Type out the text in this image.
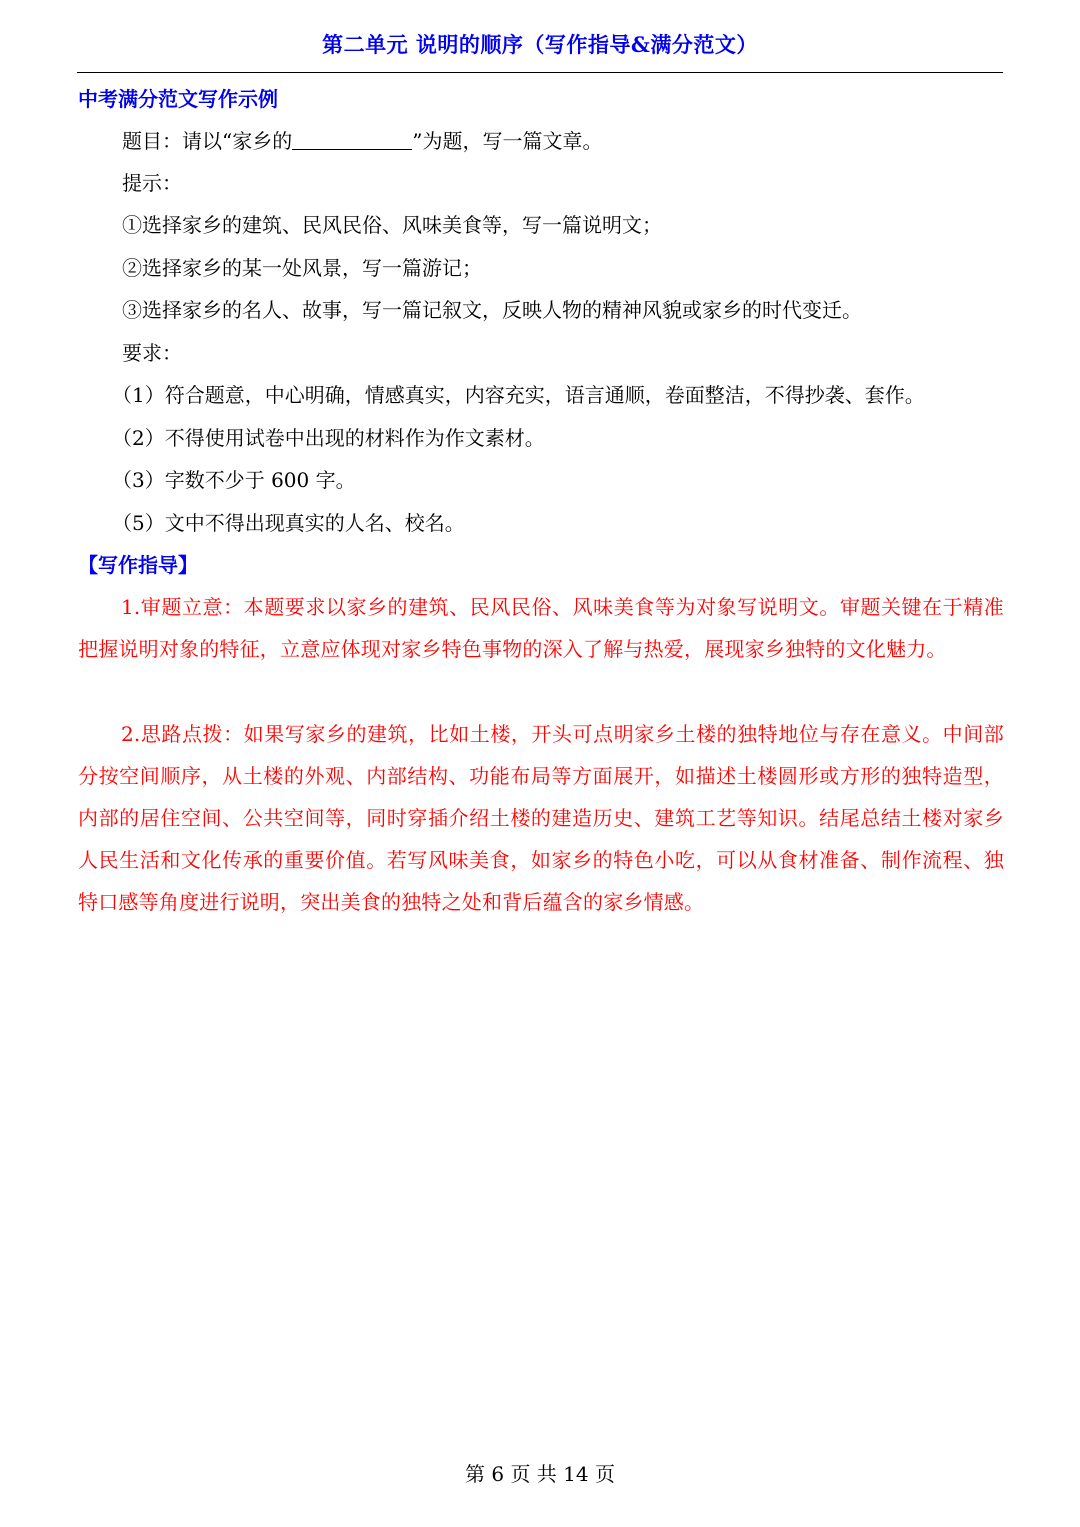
第二单元 说明的顺序（写作指导&满分范文）
中考满分范文写作示例
题目：请以“家乡的	”为题，写一篇文章。
提示：
①选择家乡的建筑、民风民俗、风味美食等，写一篇说明文；
②选择家乡的某一处风景，写一篇游记；
③选择家乡的名人、故事，写一篇记叙文，反映人物的精神风貌或家乡的时代变迁。
要求：
（1）符合题意，中心明确，情感真实，内容充实，语言通顺，卷面整洁，不得抄袭、套作。
（2）不得使用试卷中出现的材料作为作文素材。
（3）字数不少于 600 字。
（5）文中不得出现真实的人名、校名。
【写作指导】

1.审题立意：本题要求以家乡的建筑、民风民俗、风味美食等为对象写说明文。审题关键在于精准把握说明对象的特征，立意应体现对家乡特色事物的深入了解与热爱，展现家乡独特的文化魅力。

2.思路点拨：如果写家乡的建筑，比如土楼，开头可点明家乡土楼的独特地位与存在意义。中间部分按空间顺序，从土楼的外观、内部结构、功能布局等方面展开，如描述土楼圆形或方形的独特造型，内部的居住空间、公共空间等，同时穿插介绍土楼的建造历史、建筑工艺等知识。结尾总结土楼对家乡人民生活和文化传承的重要价值。若写风味美食，如家乡的特色小吃，可以从食材准备、制作流程、独特口感等角度进行说明，突出美食的独特之处和背后蕴含的家乡情感。

第 6 页 共 14 页
